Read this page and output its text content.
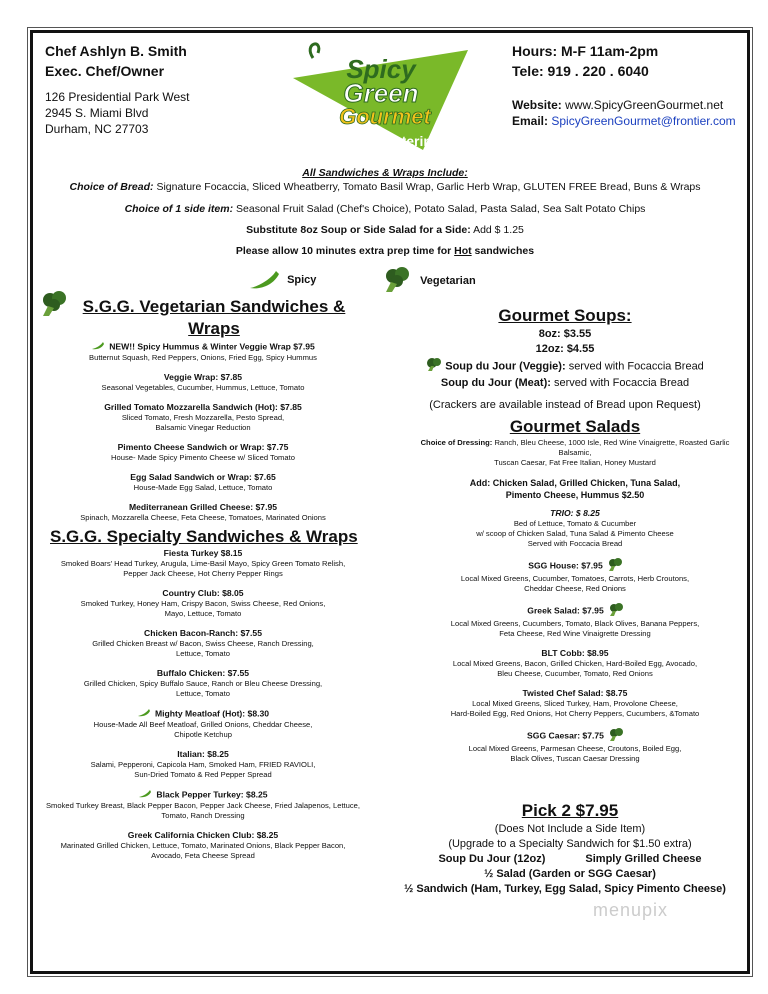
Chef Ashlyn B. Smith
Exec. Chef/Owner
126 Presidential Park West
2945 S. Miami Blvd
Durham, NC 27703
Spicy
Green
Gourmet
cafe · catering
Hours: M-F 11am-2pm
Tele: 919 . 220 . 6040
Website: www.SpicyGreenGourmet.net
Email: SpicyGreenGourmet@frontier.com
All Sandwiches & Wraps Include:
Choice of Bread: Signature Focaccia, Sliced Wheatberry, Tomato Basil Wrap, Garlic Herb Wrap, GLUTEN FREE Bread, Buns & Wraps
Choice of 1 side item: Seasonal Fruit Salad (Chef's Choice), Potato Salad, Pasta Salad, Sea Salt Potato Chips
Substitute 8oz Soup or Side Salad for a Side: Add $ 1.25
Please allow 10 minutes extra prep time for Hot sandwiches
Spicy	Vegetarian
S.G.G. Vegetarian Sandwiches & Wraps
NEW!! Spicy Hummus & Winter Veggie Wrap $7.95
Butternut Squash, Red Peppers, Onions, Fried Egg, Spicy Hummus
Veggie Wrap: $7.85
Seasonal Vegetables, Cucumber, Hummus, Lettuce, Tomato
Grilled Tomato Mozzarella Sandwich (Hot): $7.85
Sliced Tomato, Fresh Mozzarella, Pesto Spread,
Balsamic Vinegar Reduction
Pimento Cheese Sandwich or Wrap: $7.75
House- Made Spicy Pimento Cheese w/ Sliced Tomato
Egg Salad Sandwich or Wrap: $7.65
House-Made Egg Salad, Lettuce, Tomato
Mediterranean Grilled Cheese: $7.95
Spinach, Mozzarella Cheese, Feta Cheese, Tomatoes, Marinated Onions
S.G.G. Specialty Sandwiches & Wraps
Fiesta Turkey $8.15
Smoked Boars' Head Turkey, Arugula, Lime-Basil Mayo, Spicy Green Tomato Relish,
Pepper Jack Cheese, Hot Cherry Pepper Rings
Country Club: $8.05
Smoked Turkey, Honey Ham, Crispy Bacon, Swiss Cheese, Red Onions,
Mayo, Lettuce, Tomato
Chicken Bacon-Ranch: $7.55
Grilled Chicken Breast w/ Bacon, Swiss Cheese, Ranch Dressing,
Lettuce, Tomato
Buffalo Chicken: $7.55
Grilled Chicken, Spicy Buffalo Sauce, Ranch or Bleu Cheese Dressing,
Lettuce, Tomato
Mighty Meatloaf (Hot): $8.30
House-Made All Beef Meatloaf, Grilled Onions, Cheddar Cheese,
Chipotle Ketchup
Italian: $8.25
Salami, Pepperoni, Capicola Ham, Smoked Ham, FRIED RAVIOLI,
Sun-Dried Tomato & Red Pepper Spread
Black Pepper Turkey: $8.25
Smoked Turkey Breast, Black Pepper Bacon, Pepper Jack Cheese, Fried Jalapenos, Lettuce,
Tomato, Ranch Dressing
Greek California Chicken Club: $8.25
Marinated Grilled Chicken, Lettuce, Tomato, Marinated Onions, Black Pepper Bacon,
Avocado, Feta Cheese Spread
Gourmet Soups:
8oz: $3.55
12oz: $4.55
Soup du Jour (Veggie): served with Focaccia Bread
Soup du Jour (Meat): served with Focaccia Bread
(Crackers are available instead of Bread upon Request)
Gourmet Salads
Choice of Dressing: Ranch, Bleu Cheese, 1000 Isle, Red Wine Vinaigrette, Roasted Garlic
Balsamic,
Tuscan Caesar, Fat Free Italian, Honey Mustard
Add: Chicken Salad, Grilled Chicken, Tuna Salad,
Pimento Cheese, Hummus $2.50
TRIO: $ 8.25
Bed of Lettuce, Tomato & Cucumber
w/ scoop of Chicken Salad, Tuna Salad & Pimento Cheese
Served with Foccacia Bread
SGG House: $7.95
Local Mixed Greens, Cucumber, Tomatoes, Carrots, Herb Croutons,
Cheddar Cheese, Red Onions
Greek Salad: $7.95
Local Mixed Greens, Cucumbers, Tomato, Black Olives, Banana Peppers,
Feta Cheese, Red Wine Vinaigrette Dressing
BLT Cobb: $8.95
Local Mixed Greens, Bacon, Grilled Chicken, Hard-Boiled Egg, Avocado,
Bleu Cheese, Cucumber, Tomato, Red Onions
Twisted Chef Salad: $8.75
Local Mixed Greens, Sliced Turkey, Ham, Provolone Cheese,
Hard-Boiled Egg, Red Onions, Hot Cherry Peppers, Cucumbers, &Tomato
SGG Caesar: $7.75
Local Mixed Greens, Parmesan Cheese, Croutons, Boiled Egg,
Black Olives, Tuscan Caesar Dressing
Pick 2 $7.95
(Does Not Include a Side Item)
(Upgrade to a Specialty Sandwich for $1.50 extra)
Soup Du Jour (12oz)	Simply Grilled Cheese
½ Salad (Garden or SGG Caesar)
½ Sandwich (Ham, Turkey, Egg Salad, Spicy Pimento Cheese)
menupix
